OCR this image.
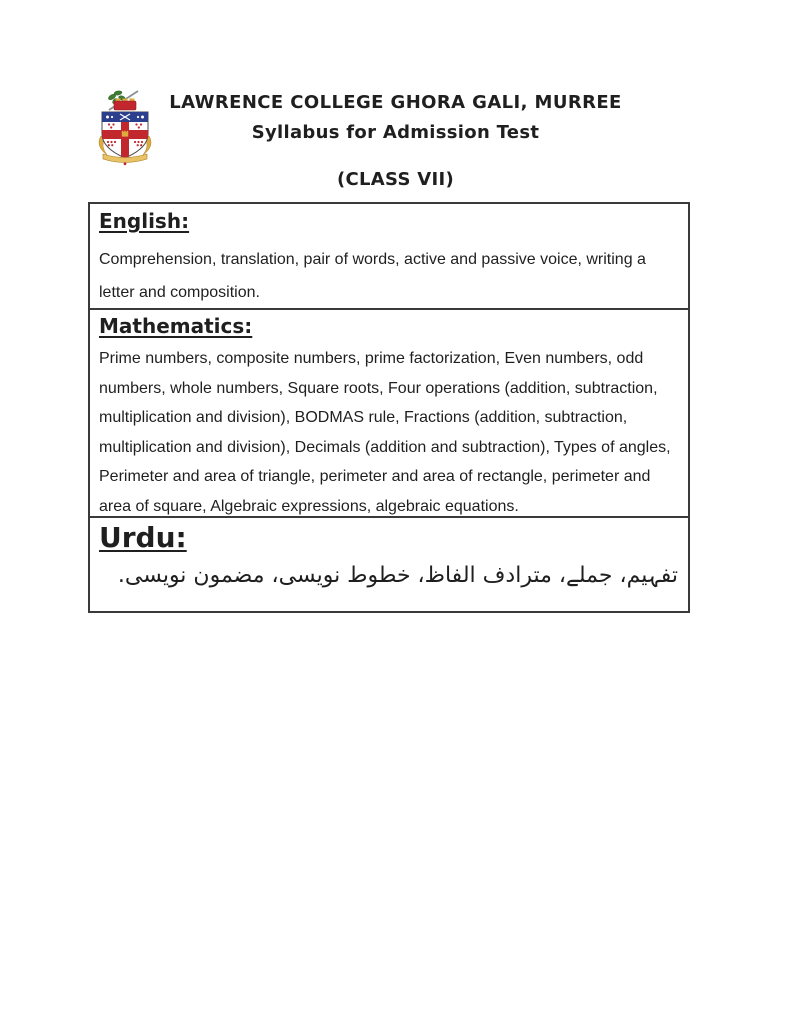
LAWRENCE COLLEGE GHORA GALI, MURREE
Syllabus for Admission Test
(CLASS VII)
English:
Comprehension, translation, pair of words, active and passive voice, writing a letter and composition.
Mathematics:
Prime numbers, composite numbers, prime factorization, Even numbers, odd numbers, whole numbers, Square roots, Four operations (addition, subtraction, multiplication and division), BODMAS rule, Fractions (addition, subtraction, multiplication and division), Decimals (addition and subtraction), Types of angles, Perimeter and area of triangle, perimeter and area of rectangle, perimeter and area of square, Algebraic expressions, algebraic equations.
Urdu:
تفہیم، جملے، مترادف الفاظ، خطوط نویسی، مضمون نویسی.
